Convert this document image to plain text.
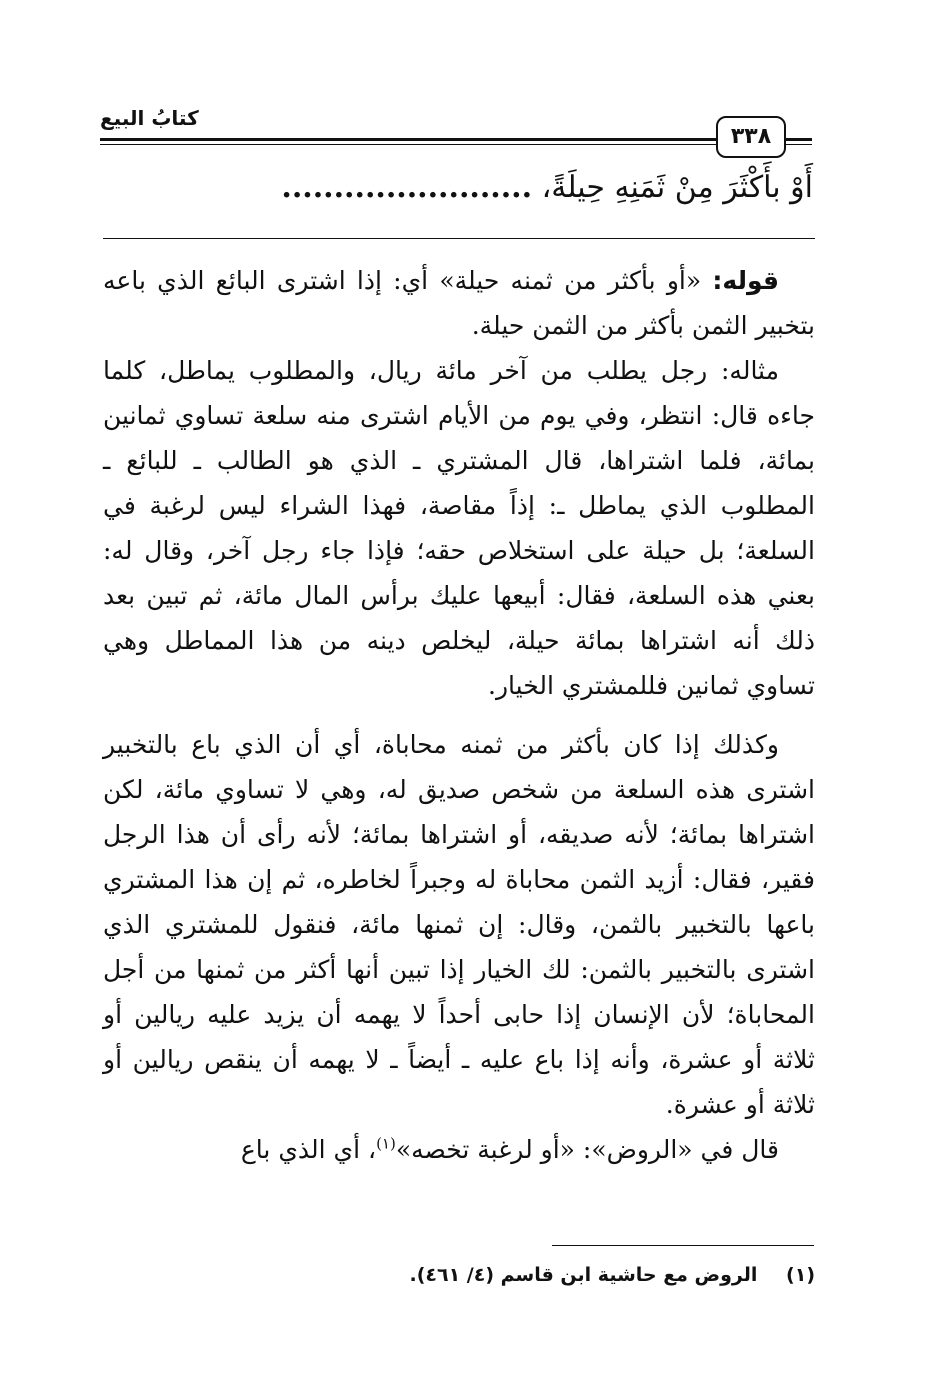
كتابُ البيع
٣٣٨
أَوْ بأَكْثَرَ مِنْ ثَمَنِهِ حِيلَةً، ........................

قوله: «أو بأكثر من ثمنه حيلة» أي: إذا اشترى البائع الذي باعه بتخبير الثمن بأكثر من الثمن حيلة.

مثاله: رجل يطلب من آخر مائة ريال، والمطلوب يماطل، كلما جاءه قال: انتظر، وفي يوم من الأيام اشترى منه سلعة تساوي ثمانين بمائة، فلما اشتراها، قال المشتري ـ الذي هو الطالب ـ للبائع ـ المطلوب الذي يماطل ـ: إذاً مقاصة، فهذا الشراء ليس لرغبة في السلعة؛ بل حيلة على استخلاص حقه؛ فإذا جاء رجل آخر، وقال له: بعني هذه السلعة، فقال: أبيعها عليك برأس المال مائة، ثم تبين بعد ذلك أنه اشتراها بمائة حيلة، ليخلص دينه من هذا المماطل وهي تساوي ثمانين فللمشتري الخيار.

وكذلك إذا كان بأكثر من ثمنه محاباة، أي أن الذي باع بالتخبير اشترى هذه السلعة من شخص صديق له، وهي لا تساوي مائة، لكن اشتراها بمائة؛ لأنه صديقه، أو اشتراها بمائة؛ لأنه رأى أن هذا الرجل فقير، فقال: أزيد الثمن محاباة له وجبراً لخاطره، ثم إن هذا المشتري باعها بالتخبير بالثمن، وقال: إن ثمنها مائة، فنقول للمشتري الذي اشترى بالتخبير بالثمن: لك الخيار إذا تبين أنها أكثر من ثمنها من أجل المحاباة؛ لأن الإنسان إذا حابى أحداً لا يهمه أن يزيد عليه ريالين أو ثلاثة أو عشرة، وأنه إذا باع عليه ـ أيضاً ـ لا يهمه أن ينقص ريالين أو ثلاثة أو عشرة.

قال في «الروض»: «أو لرغبة تخصه»$^{(١)}$، أي الذي باع

(١) الروض مع حاشية ابن قاسم (٤/ ٤٦١).
